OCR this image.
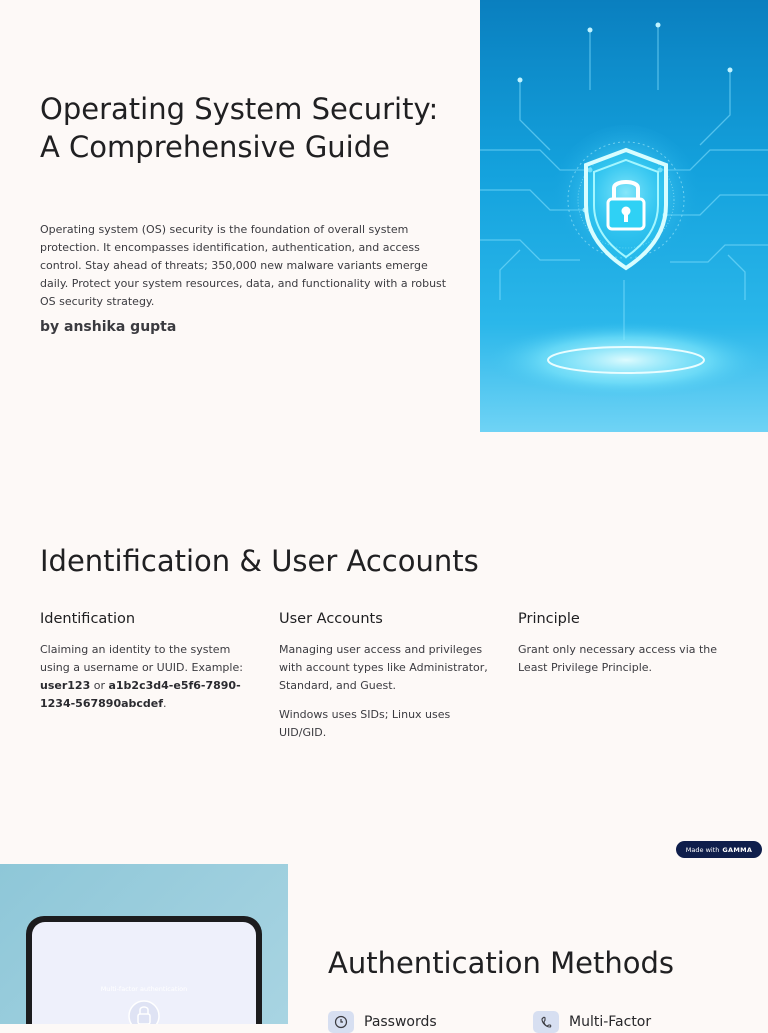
Operating System Security: A Comprehensive Guide

Operating system (OS) security is the foundation of overall system protection. It encompasses identification, authentication, and access control. Stay ahead of threats; 350,000 new malware variants emerge daily. Protect your system resources, data, and functionality with a robust OS security strategy.

by anshika gupta
Identification & User Accounts
Identification

Claiming an identity to the system using a username or UUID. Example: user123 or a1b2c3d4-e5f6-7890-1234-567890abcdef.

User Accounts

Managing user access and privileges with account types like Administrator, Standard, and Guest.

Windows uses SIDs; Linux uses UID/GID.

Principle

Grant only necessary access via the Least Privilege Principle.

Made with GAMMA
Multi-factor authentication
Authentication Methods
Passwords	Multi-Factor
